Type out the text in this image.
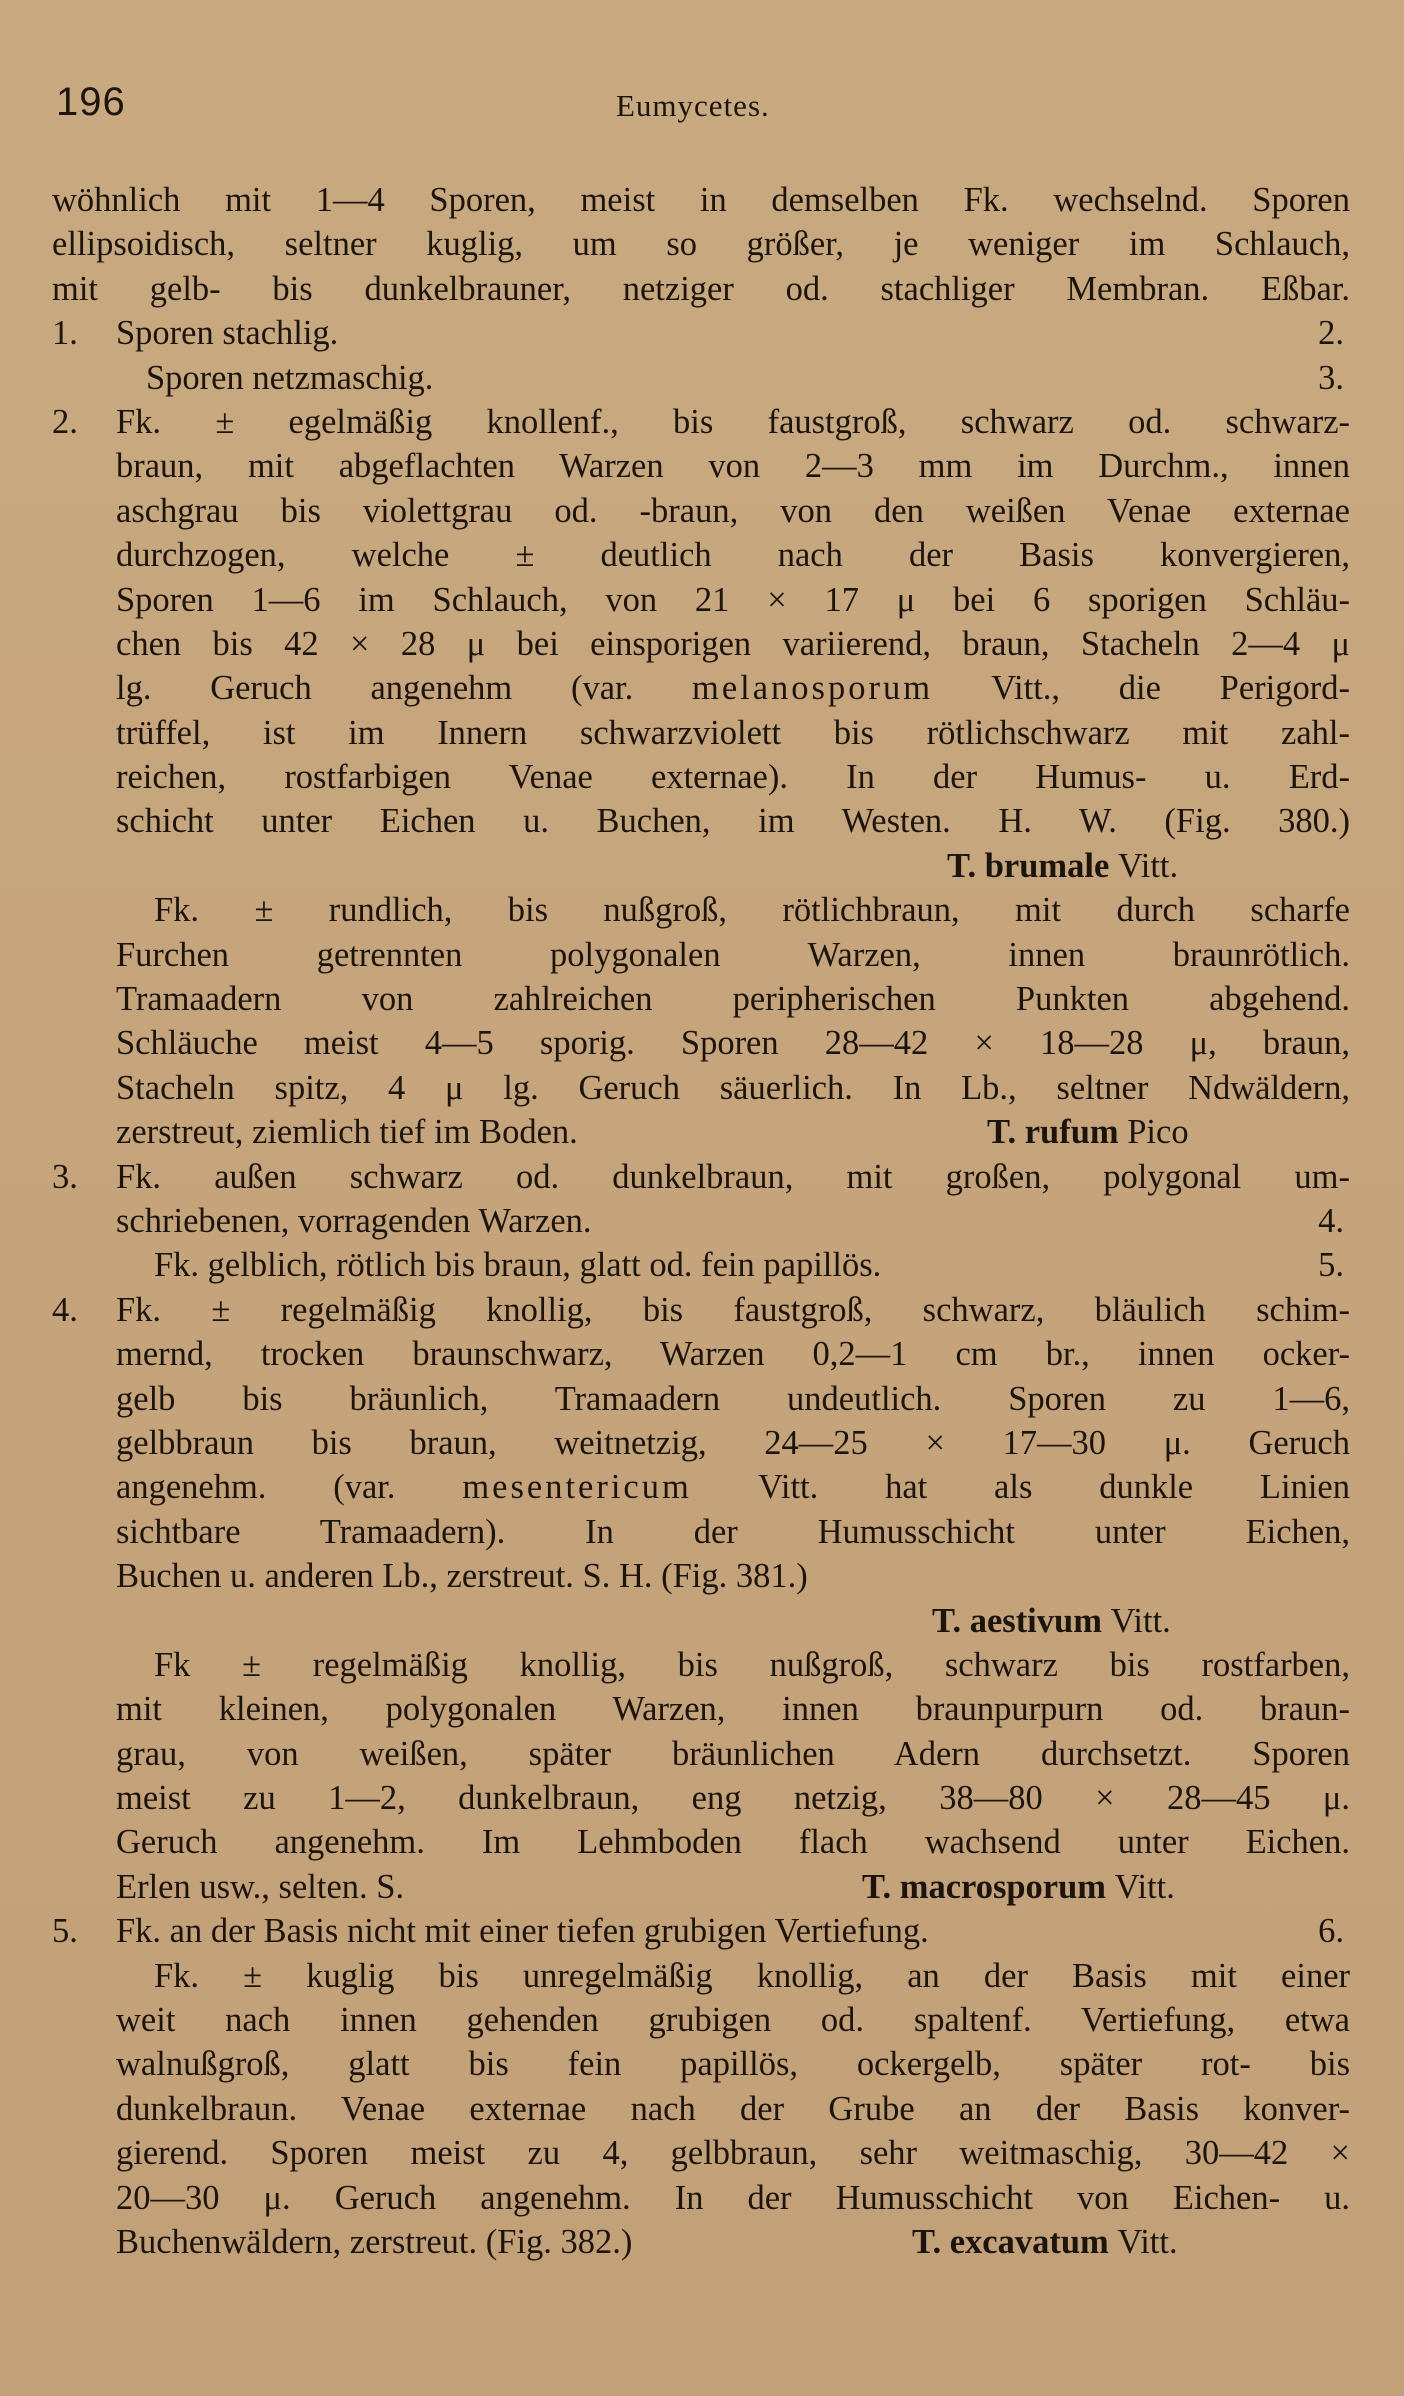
196	Eumycetes.
wöhnlich mit 1—4 Sporen, meist in demselben Fk. wechselnd. Sporen
ellipsoidisch, seltner kuglig, um so größer, je weniger im Schlauch,
mit gelb- bis dunkelbrauner, netziger od. stachliger Membran. Eßbar.
1. Sporen stachlig.	2.
Sporen netzmaschig.	3.
2. Fk. ± egelmäßig knollenf., bis faustgroß, schwarz od. schwarz-
braun, mit abgeflachten Warzen von 2—3 mm im Durchm., innen
aschgrau bis violettgrau od. -braun, von den weißen Venae externae
durchzogen, welche ± deutlich nach der Basis konvergieren,
Sporen 1—6 im Schlauch, von 21 × 17 μ bei 6 sporigen Schläu-
chen bis 42 × 28 μ bei einsporigen variierend, braun, Stacheln 2—4 μ
lg. Geruch angenehm (var. melanosporum Vitt., die Perigord-
trüffel, ist im Innern schwarzviolett bis rötlichschwarz mit zahl-
reichen, rostfarbigen Venae externae). In der Humus- u. Erd-
schicht unter Eichen u. Buchen, im Westen. H. W. (Fig. 380.)
T. brumale Vitt.
Fk. ± rundlich, bis nußgroß, rötlichbraun, mit durch scharfe
Furchen getrennten polygonalen Warzen, innen braunrötlich.
Tramaadern von zahlreichen peripherischen Punkten abgehend.
Schläuche meist 4—5 sporig. Sporen 28—42 × 18—28 μ, braun,
Stacheln spitz, 4 μ lg. Geruch säuerlich. In Lb., seltner Ndwäldern,
zerstreut, ziemlich tief im Boden.	T. rufum Pico
3. Fk. außen schwarz od. dunkelbraun, mit großen, polygonal um-
schriebenen, vorragenden Warzen.	4.
Fk. gelblich, rötlich bis braun, glatt od. fein papillös.	5.
4. Fk. ± regelmäßig knollig, bis faustgroß, schwarz, bläulich schim-
mernd, trocken braunschwarz, Warzen 0,2—1 cm br., innen ocker-
gelb bis bräunlich, Tramaadern undeutlich. Sporen zu 1—6,
gelbbraun bis braun, weitnetzig, 24—25 × 17—30 μ. Geruch
angenehm. (var. mesentericum Vitt. hat als dunkle Linien
sichtbare Tramaadern). In der Humusschicht unter Eichen,
Buchen u. anderen Lb., zerstreut. S. H. (Fig. 381.)
T. aestivum Vitt.
Fk ± regelmäßig knollig, bis nußgroß, schwarz bis rostfarben,
mit kleinen, polygonalen Warzen, innen braunpurpurn od. braun-
grau, von weißen, später bräunlichen Adern durchsetzt. Sporen
meist zu 1—2, dunkelbraun, eng netzig, 38—80 × 28—45 μ.
Geruch angenehm. Im Lehmboden flach wachsend unter Eichen.
Erlen usw., selten. S.	T. macrosporum Vitt.
5. Fk. an der Basis nicht mit einer tiefen grubigen Vertiefung.	6.
Fk. ± kuglig bis unregelmäßig knollig, an der Basis mit einer
weit nach innen gehenden grubigen od. spaltenf. Vertiefung, etwa
walnußgroß, glatt bis fein papillös, ockergelb, später rot- bis
dunkelbraun. Venae externae nach der Grube an der Basis konver-
gierend. Sporen meist zu 4, gelbbraun, sehr weitmaschig, 30—42 ×
20—30 μ. Geruch angenehm. In der Humusschicht von Eichen- u.
Buchenwäldern, zerstreut. (Fig. 382.)	T. excavatum Vitt.
